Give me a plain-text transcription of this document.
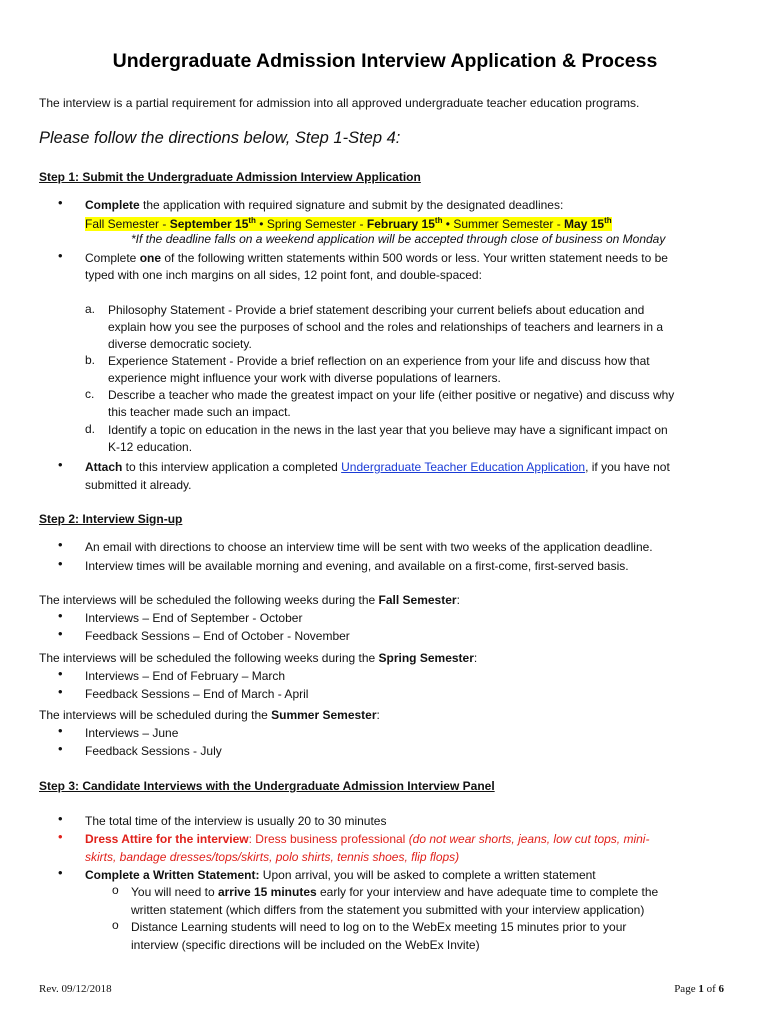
Undergraduate Admission Interview Application & Process
The interview is a partial requirement for admission into all approved undergraduate teacher education programs.
Please follow the directions below, Step 1-Step 4:
Step 1: Submit the Undergraduate Admission Interview Application
•
Complete the application with required signature and submit by the designated deadlines:
Fall Semester - September 15th • Spring Semester - February 15th • Summer Semester - May 15th
*If the deadline falls on a weekend application will be accepted through close of business on Monday
•
Complete one of the following written statements within 500 words or less. Your written statement needs to be
typed with one inch margins on all sides, 12 point font, and double-spaced:
a. Philosophy Statement - Provide a brief statement describing your current beliefs about education and
explain how you see the purposes of school and the roles and relationships of teachers and learners in a
diverse democratic society.
b. Experience Statement - Provide a brief reflection on an experience from your life and discuss how that
experience might influence your work with diverse populations of learners.
c. Describe a teacher who made the greatest impact on your life (either positive or negative) and discuss why
this teacher made such an impact.
d. Identify a topic on education in the news in the last year that you believe may have a significant impact on
K-12 education.
•
Attach to this interview application a completed Undergraduate Teacher Education Application, if you have not
submitted it already.
Step 2: Interview Sign-up
•
An email with directions to choose an interview time will be sent with two weeks of the application deadline.
•
Interview times will be available morning and evening, and available on a first-come, first-served basis.
The interviews will be scheduled the following weeks during the Fall Semester:
•
Interviews – End of September - October
•
Feedback Sessions – End of October - November
The interviews will be scheduled the following weeks during the Spring Semester:
•
Interviews – End of February – March
•
Feedback Sessions – End of March - April
The interviews will be scheduled during the Summer Semester:
•
Interviews – June
•
Feedback Sessions - July
Step 3: Candidate Interviews with the Undergraduate Admission Interview Panel
•
The total time of the interview is usually 20 to 30 minutes
•
Dress Attire for the interview: Dress business professional (do not wear shorts, jeans, low cut tops, mini-
skirts, bandage dresses/tops/skirts, polo shirts, tennis shoes, flip flops)
•
Complete a Written Statement: Upon arrival, you will be asked to complete a written statement
o You will need to arrive 15 minutes early for your interview and have adequate time to complete the
written statement (which differs from the statement you submitted with your interview application)
o Distance Learning students will need to log on to the WebEx meeting 15 minutes prior to your
interview (specific directions will be included on the WebEx Invite)
Rev. 09/12/2018	Page 1 of 6
